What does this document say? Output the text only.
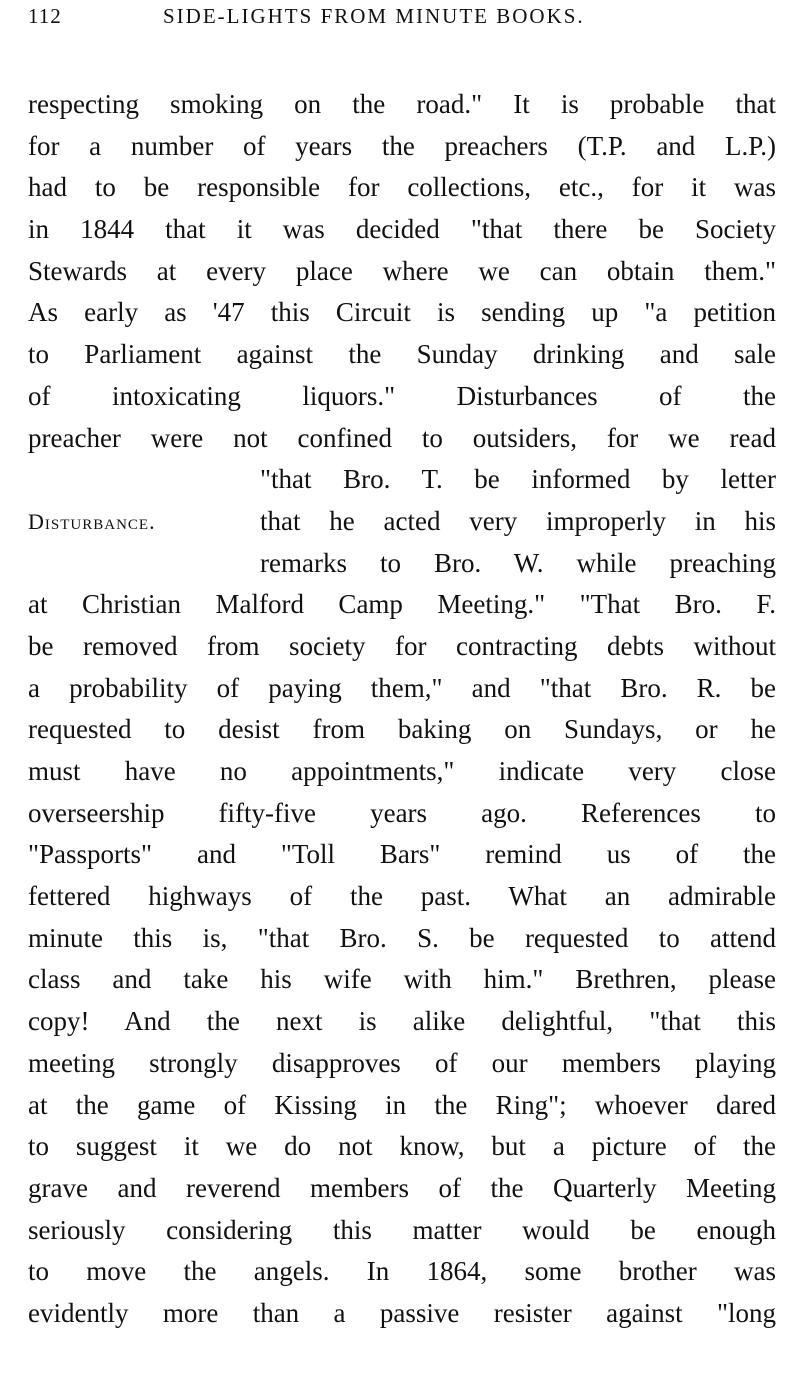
112	SIDE-LIGHTS FROM MINUTE BOOKS.
respecting smoking on the road." It is probable that
for a number of years the preachers (T.P. and L.P.)
had to be responsible for collections, etc., for it was
in 1844 that it was decided "that there be Society
Stewards at every place where we can obtain them."
As early as '47 this Circuit is sending up "a petition
to Parliament against the Sunday drinking and sale
of intoxicating liquors." Disturbances of the
preacher were not confined to outsiders, for we read
"that Bro. T. be informed by letter
Disturbance.	that he acted very improperly in his
remarks to Bro. W. while preaching
at Christian Malford Camp Meeting." "That Bro. F.
be removed from society for contracting debts without
a probability of paying them," and "that Bro. R. be
requested to desist from baking on Sundays, or he
must have no appointments," indicate very close
overseership fifty-five years ago. References to
"Passports" and "Toll Bars" remind us of the
fettered highways of the past. What an admirable
minute this is, "that Bro. S. be requested to attend
class and take his wife with him." Brethren, please
copy! And the next is alike delightful, "that this
meeting strongly disapproves of our members playing
at the game of Kissing in the Ring"; whoever dared
to suggest it we do not know, but a picture of the
grave and reverend members of the Quarterly Meeting
seriously considering this matter would be enough
to move the angels. In 1864, some brother was
evidently more than a passive resister against "long
